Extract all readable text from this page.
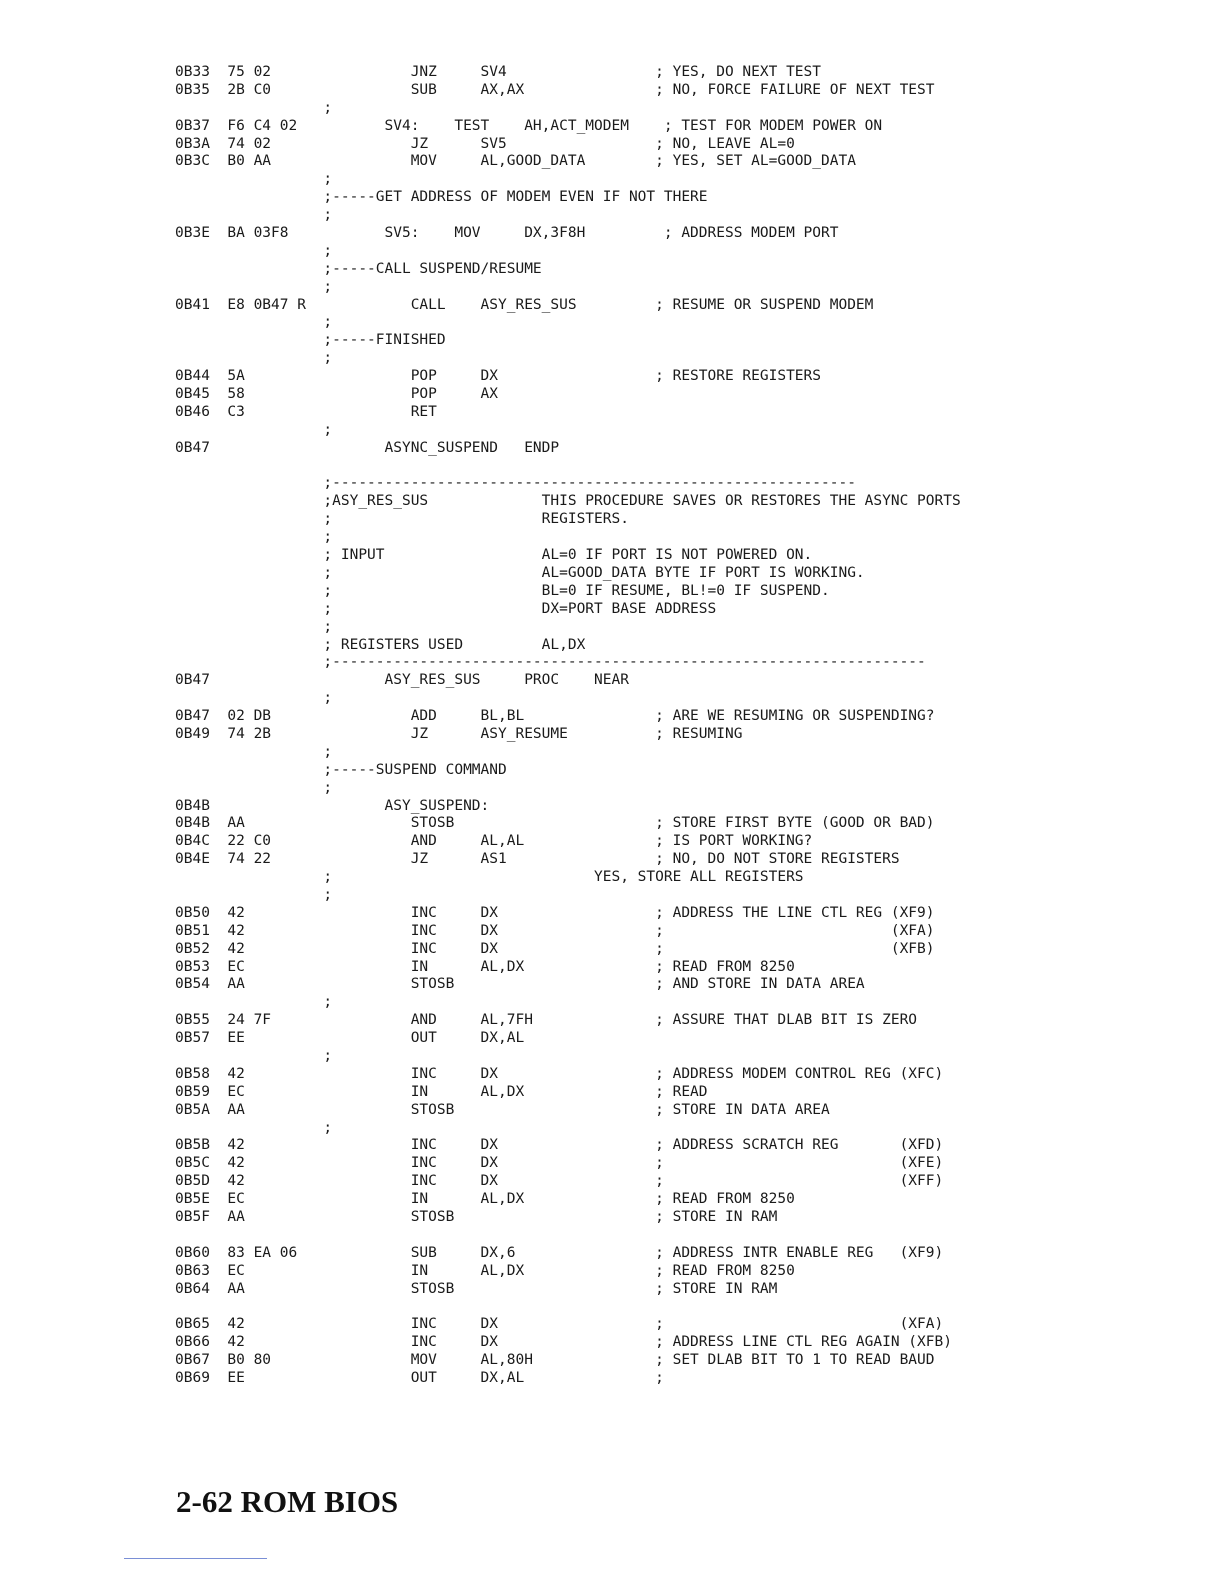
0B33  75 02                JNZ     SV4                 ; YES, DO NEXT TEST
0B35  2B C0                SUB     AX,AX               ; NO, FORCE FAILURE OF NEXT TEST
;
0B37  F6 C4 02          SV4:    TEST    AH,ACT_MODEM    ; TEST FOR MODEM POWER ON
0B3A  74 02                JZ      SV5                 ; NO, LEAVE AL=0
0B3C  B0 AA                MOV     AL,GOOD_DATA        ; YES, SET AL=GOOD_DATA
;
;-----GET ADDRESS OF MODEM EVEN IF NOT THERE
;
0B3E  BA 03F8           SV5:    MOV     DX,3F8H         ; ADDRESS MODEM PORT
;
;-----CALL SUSPEND/RESUME
;
0B41  E8 0B47 R            CALL    ASY_RES_SUS         ; RESUME OR SUSPEND MODEM
;
;-----FINISHED
;
0B44  5A                   POP     DX                  ; RESTORE REGISTERS
0B45  58                   POP     AX
0B46  C3                   RET
;
0B47                    ASYNC_SUSPEND   ENDP
;------------------------------------------------------------
;ASY_RES_SUS             THIS PROCEDURE SAVES OR RESTORES THE ASYNC PORTS
;                        REGISTERS.
;
; INPUT                  AL=0 IF PORT IS NOT POWERED ON.
;                        AL=GOOD_DATA BYTE IF PORT IS WORKING.
;                        BL=0 IF RESUME, BL!=0 IF SUSPEND.
;                        DX=PORT BASE ADDRESS
;
; REGISTERS USED         AL,DX
;--------------------------------------------------------------------
0B47                    ASY_RES_SUS     PROC    NEAR
;
0B47  02 DB                ADD     BL,BL               ; ARE WE RESUMING OR SUSPENDING?
0B49  74 2B                JZ      ASY_RESUME          ; RESUMING
;
;-----SUSPEND COMMAND
;
0B4B                    ASY_SUSPEND:
0B4B  AA                   STOSB                       ; STORE FIRST BYTE (GOOD OR BAD)
0B4C  22 C0                AND     AL,AL               ; IS PORT WORKING?
0B4E  74 22                JZ      AS1                 ; NO, DO NOT STORE REGISTERS
;                              YES, STORE ALL REGISTERS
;
0B50  42                   INC     DX                  ; ADDRESS THE LINE CTL REG (XF9)
0B51  42                   INC     DX                  ;                          (XFA)
0B52  42                   INC     DX                  ;                          (XFB)
0B53  EC                   IN      AL,DX               ; READ FROM 8250
0B54  AA                   STOSB                       ; AND STORE IN DATA AREA
;
0B55  24 7F                AND     AL,7FH              ; ASSURE THAT DLAB BIT IS ZERO
0B57  EE                   OUT     DX,AL
;
0B58  42                   INC     DX                  ; ADDRESS MODEM CONTROL REG (XFC)
0B59  EC                   IN      AL,DX               ; READ
0B5A  AA                   STOSB                       ; STORE IN DATA AREA
;
0B5B  42                   INC     DX                  ; ADDRESS SCRATCH REG       (XFD)
0B5C  42                   INC     DX                  ;                           (XFE)
0B5D  42                   INC     DX                  ;                           (XFF)
0B5E  EC                   IN      AL,DX               ; READ FROM 8250
0B5F  AA                   STOSB                       ; STORE IN RAM
0B60  83 EA 06             SUB     DX,6                ; ADDRESS INTR ENABLE REG   (XF9)
0B63  EC                   IN      AL,DX               ; READ FROM 8250
0B64  AA                   STOSB                       ; STORE IN RAM
0B65  42                   INC     DX                  ;                           (XFA)
0B66  42                   INC     DX                  ; ADDRESS LINE CTL REG AGAIN (XFB)
0B67  B0 80                MOV     AL,80H              ; SET DLAB BIT TO 1 TO READ BAUD
0B69  EE                   OUT     DX,AL               ;
2-62 ROM BIOS
